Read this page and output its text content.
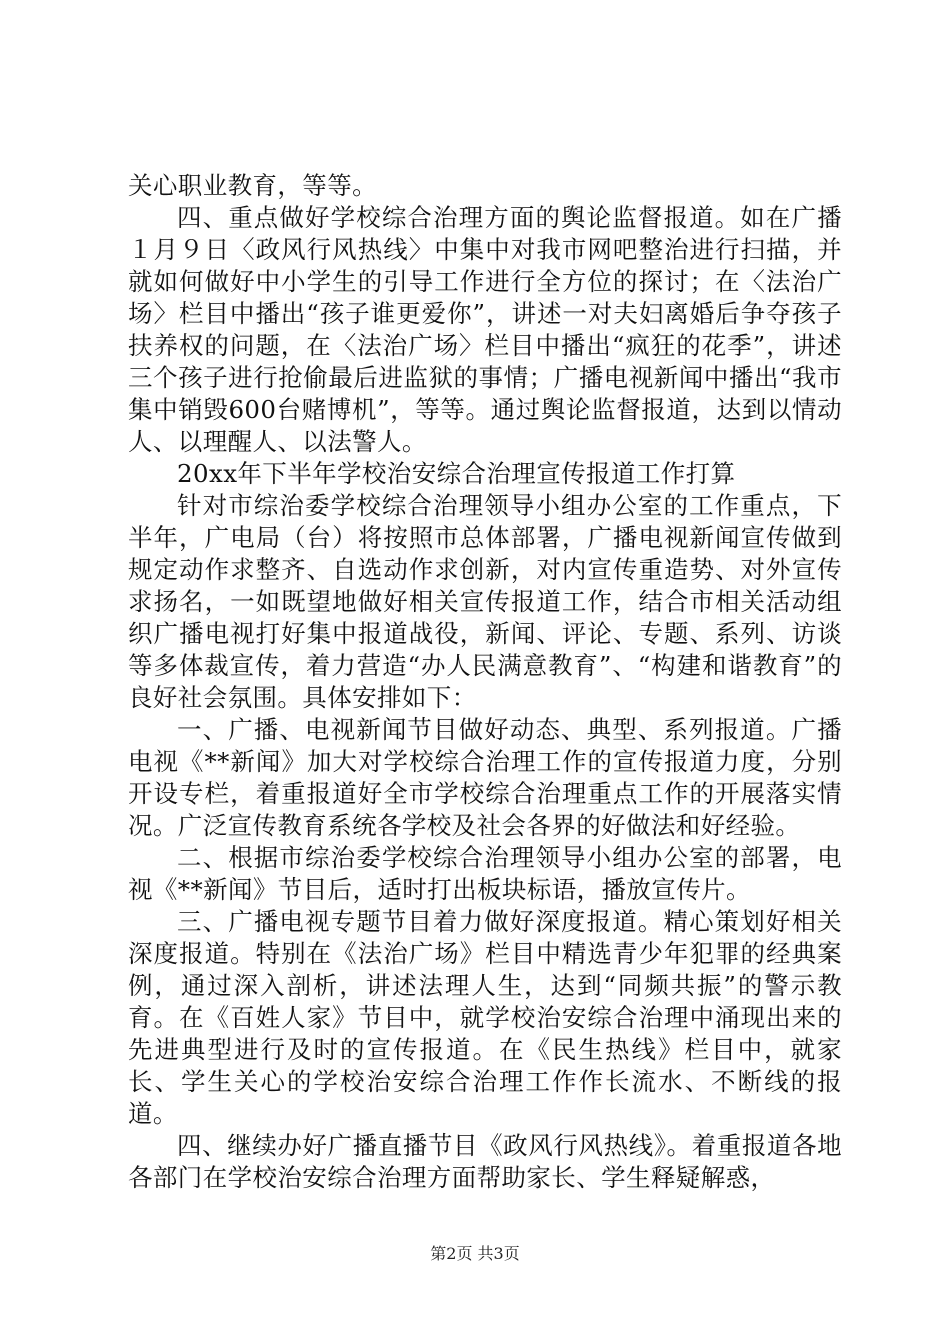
关心职业教育，等等。

四、重点做好学校综合治理方面的舆论监督报道。如在广播１月９日〈政风行风热线〉中集中对我市网吧整治进行扫描，并就如何做好中小学生的引导工作进行全方位的探讨；在〈法治广场〉栏目中播出“孩子谁更爱你”，讲述一对夫妇离婚后争夺孩子扶养权的问题，在〈法治广场〉栏目中播出“疯狂的花季”，讲述三个孩子进行抢偷最后进监狱的事情；广播电视新闻中播出“我市集中销毁600台赌博机”，等等。通过舆论监督报道，达到以情动人、以理醒人、以法警人。

20xx年下半年学校治安综合治理宣传报道工作打算

针对市综治委学校综合治理领导小组办公室的工作重点，下半年，广电局（台）将按照市总体部署，广播电视新闻宣传做到规定动作求整齐、自选动作求创新，对内宣传重造势、对外宣传求扬名，一如既望地做好相关宣传报道工作，结合市相关活动组织广播电视打好集中报道战役，新闻、评论、专题、系列、访谈等多体裁宣传，着力营造“办人民满意教育”、“构建和谐教育”的良好社会氛围。具体安排如下：

一、广播、电视新闻节目做好动态、典型、系列报道。广播电视《**新闻》加大对学校综合治理工作的宣传报道力度，分别开设专栏，着重报道好全市学校综合治理重点工作的开展落实情况。广泛宣传教育系统各学校及社会各界的好做法和好经验。

二、根据市综治委学校综合治理领导小组办公室的部署，电视《**新闻》节目后，适时打出板块标语，播放宣传片。

三、广播电视专题节目着力做好深度报道。精心策划好相关深度报道。特别在《法治广场》栏目中精选青少年犯罪的经典案例，通过深入剖析，讲述法理人生，达到“同频共振”的警示教育。在《百姓人家》节目中，就学校治安综合治理中涌现出来的先进典型进行及时的宣传报道。在《民生热线》栏目中，就家长、学生关心的学校治安综合治理工作作长流水、不断线的报道。

四、继续办好广播直播节目《政风行风热线》。着重报道各地各部门在学校治安综合治理方面帮助家长、学生释疑解惑，

第2页 共3页
